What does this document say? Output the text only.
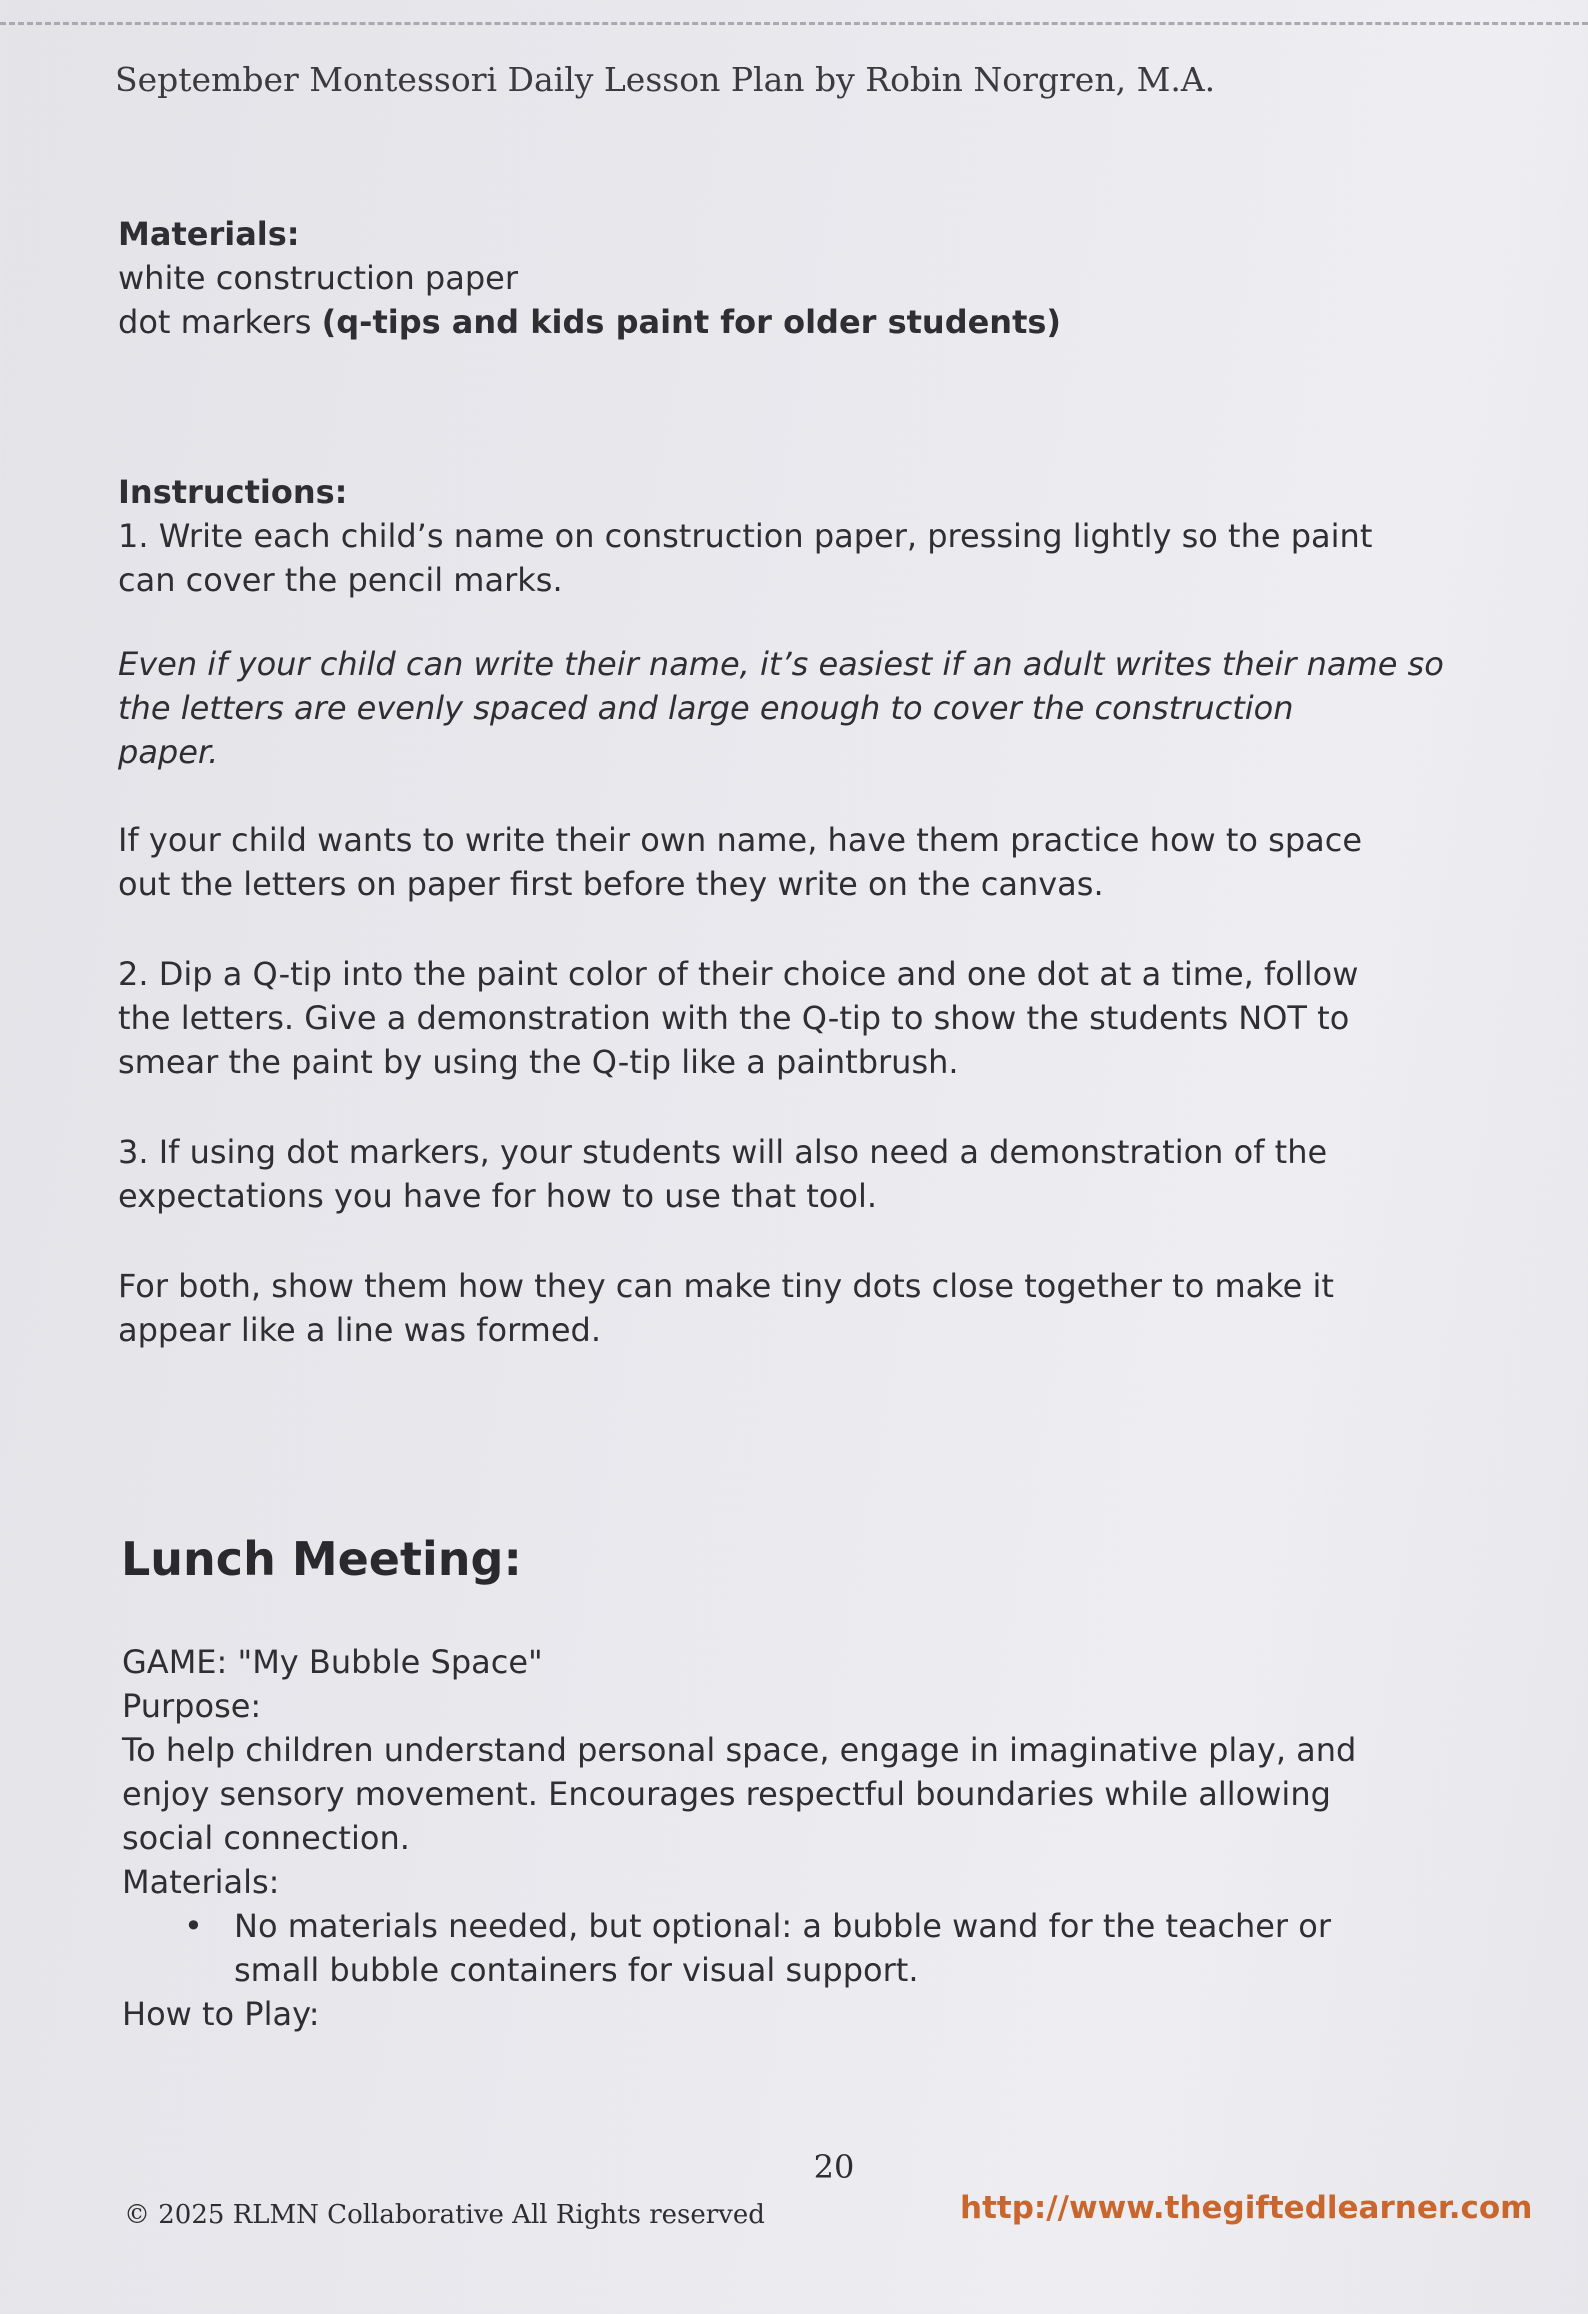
September Montessori Daily Lesson Plan by Robin Norgren, M.A.
Materials:
white construction paper
dot markers (q-tips and kids paint for older students)
Instructions:
1. Write each child’s name on construction paper, pressing lightly so the paint
can cover the pencil marks.
Even if your child can write their name, it’s easiest if an adult writes their name so
the letters are evenly spaced and large enough to cover the construction
paper.
If your child wants to write their own name, have them practice how to space
out the letters on paper first before they write on the canvas.
2. Dip a Q-tip into the paint color of their choice and one dot at a time, follow
the letters. Give a demonstration with the Q-tip to show the students NOT to
smear the paint by using the Q-tip like a paintbrush.
3. If using dot markers, your students will also need a demonstration of the
expectations you have for how to use that tool.
For both, show them how they can make tiny dots close together to make it
appear like a line was formed.
Lunch Meeting:
GAME: "My Bubble Space"
Purpose:
To help children understand personal space, engage in imaginative play, and
enjoy sensory movement. Encourages respectful boundaries while allowing
social connection.
Materials:
• No materials needed, but optional: a bubble wand for the teacher or
small bubble containers for visual support.
How to Play:
20
© 2025 RLMN Collaborative All Rights reserved	http://www.thegiftedlearner.com
